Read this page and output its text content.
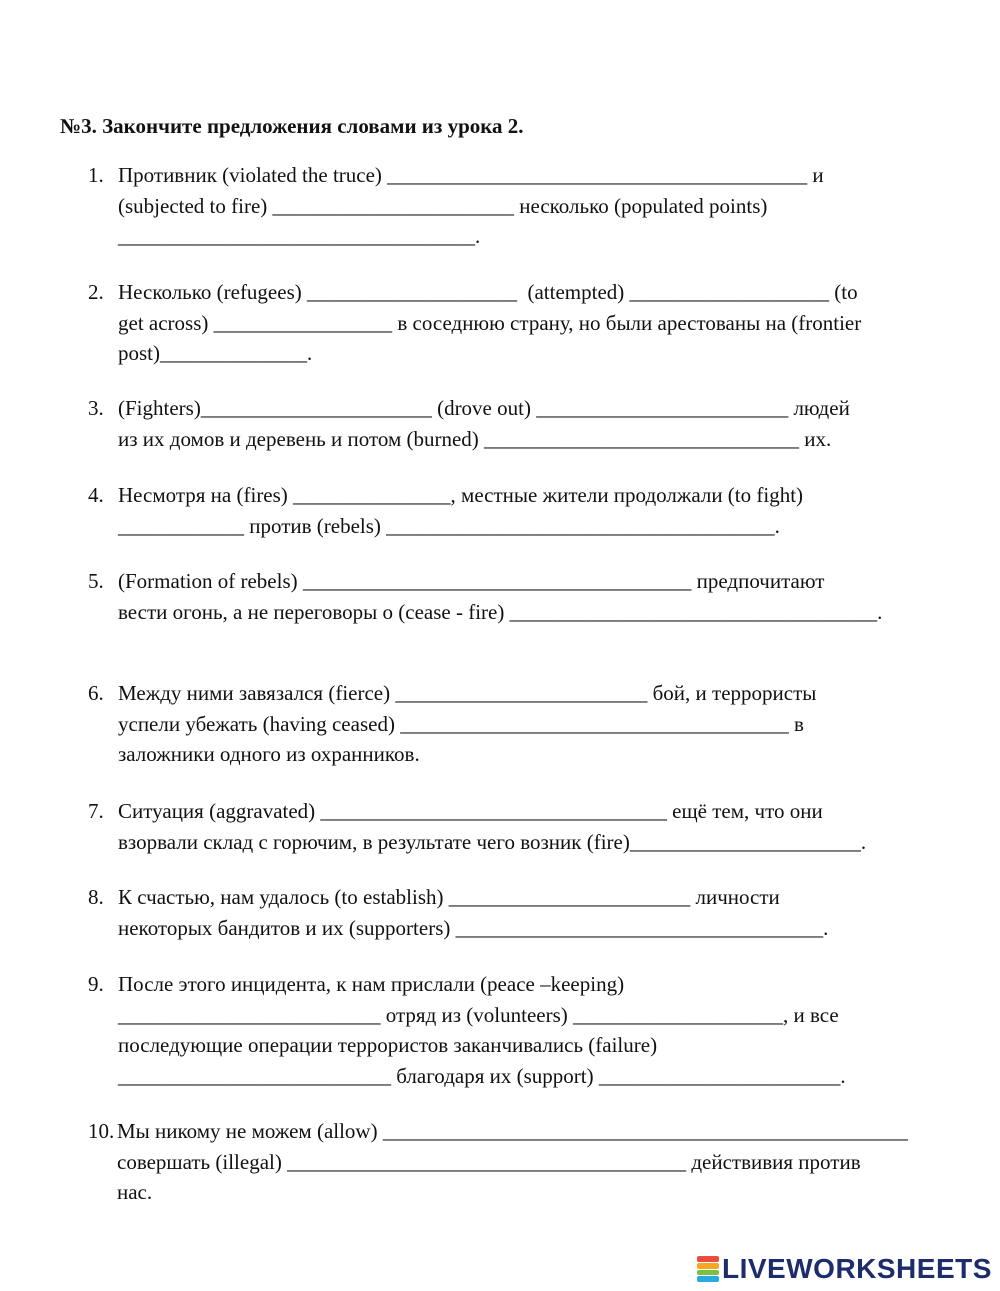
№3. Закончите предложения словами из урока 2.
1. Противник (violated the truce) ________________________________________ и
(subjected to fire) _______________________ несколько (populated points)
__________________________________.
2. Несколько (refugees) ____________________  (attempted) ___________________ (to
get across) _________________ в соседнюю страну, но были арестованы на (frontier
post)______________.
3. (Fighters)______________________ (drove out) ________________________ людей
из их домов и деревень и потом (burned) ______________________________ их.
4. Несмотря на (fires) _______________, местные жители продолжали (to fight)
____________ против (rebels) _____________________________________.
5. (Formation of rebels) _____________________________________ предпочитают
вести огонь, а не переговоры о (cease - fire) ___________________________________.
6. Между ними завязался (fierce) ________________________ бой, и террористы
успели убежать (having ceased) _____________________________________ в
заложники одного из охранников.
7. Ситуация (aggravated) _________________________________ ещё тем, что они
взорвали склад с горючим, в результате чего возник (fire)______________________.
8. К счастью, нам удалось (to establish) _______________________ личности
некоторых бандитов и их (supporters) ___________________________________.
9. После этого инцидента, к нам прислали (peace –keeping)
_________________________ отряд из (volunteers) ____________________, и все
последующие операции террористов заканчивались (failure)
__________________________ благодаря их (support) _______________________.
10. Мы никому не можем (allow) __________________________________________________
совершать (illegal) ______________________________________ действивия против
нас.
LIVEWORKSHEETS
